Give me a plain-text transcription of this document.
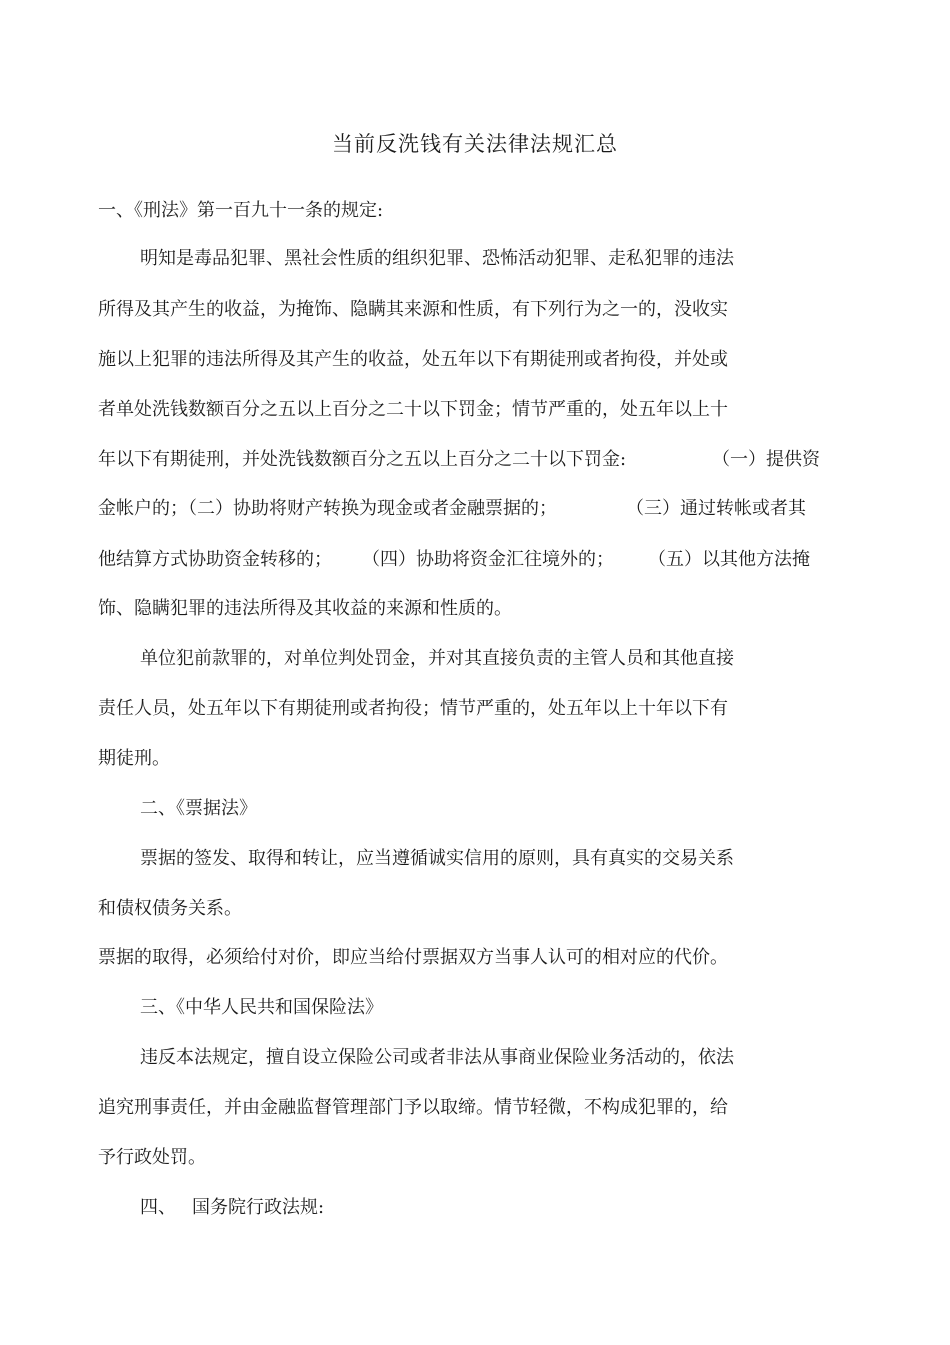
当前反洗钱有关法律法规汇总
一、《刑法》第一百九十一条的规定:
明知是毒品犯罪、黑社会性质的组织犯罪、恐怖活动犯罪、走私犯罪的违法
所得及其产生的收益，为掩饰、隐瞒其来源和性质，有下列行为之一的，没收实
施以上犯罪的违法所得及其产生的收益，处五年以下有期徒刑或者拘役，并处或
者单处洗钱数额百分之五以上百分之二十以下罚金；情节严重的，处五年以上十
年以下有期徒刑，并处洗钱数额百分之五以上百分之二十以下罚金:	（一）提供资
金帐户的；（二）协助将财产转换为现金或者金融票据的；	（三）通过转帐或者其
他结算方式协助资金转移的； （四）协助将资金汇往境外的； （五）以其他方法掩
饰、隐瞒犯罪的违法所得及其收益的来源和性质的。
单位犯前款罪的，对单位判处罚金，并对其直接负责的主管人员和其他直接
责任人员，处五年以下有期徒刑或者拘役；情节严重的，处五年以上十年以下有
期徒刑。
二、《票据法》
票据的签发、取得和转让，应当遵循诚实信用的原则，具有真实的交易关系
和债权债务关系。
票据的取得，必须给付对价，即应当给付票据双方当事人认可的相对应的代价。
三、《中华人民共和国保险法》
违反本法规定，擅自设立保险公司或者非法从事商业保险业务活动的，依法
追究刑事责任，并由金融监督管理部门予以取缔。情节轻微，不构成犯罪的，给
予行政处罚。
四、 国务院行政法规:
